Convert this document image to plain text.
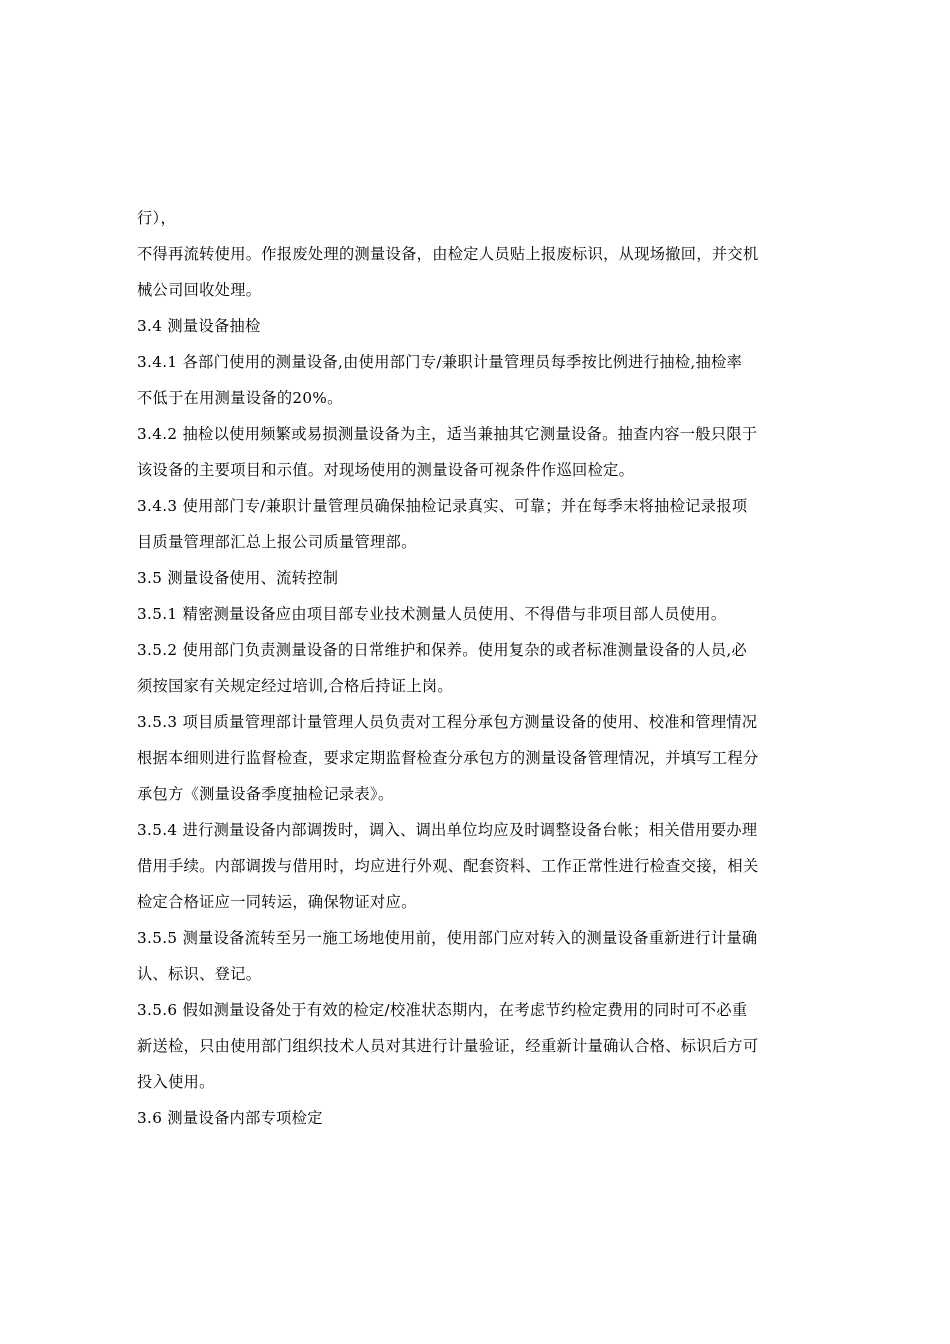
行），
不得再流转使用。作报废处理的测量设备，由检定人员贴上报废标识，从现场撤回，并交机
械公司回收处理。

3.4 测量设备抽检

3.4.1 各部门使用的测量设备,由使用部门专/兼职计量管理员每季按比例进行抽检,抽检率
不低于在用测量设备的20%。

3.4.2 抽检以使用频繁或易损测量设备为主，适当兼抽其它测量设备。抽查内容一般只限于
该设备的主要项目和示值。对现场使用的测量设备可视条件作巡回检定。

3.4.3 使用部门专/兼职计量管理员确保抽检记录真实、可靠；并在每季末将抽检记录报项
目质量管理部汇总上报公司质量管理部。

3.5 测量设备使用、流转控制

3.5.1 精密测量设备应由项目部专业技术测量人员使用、不得借与非项目部人员使用。

3.5.2 使用部门负责测量设备的日常维护和保养。使用复杂的或者标准测量设备的人员,必
须按国家有关规定经过培训,合格后持证上岗。

3.5.3 项目质量管理部计量管理人员负责对工程分承包方测量设备的使用、校准和管理情况
根据本细则进行监督检查，要求定期监督检查分承包方的测量设备管理情况，并填写工程分
承包方《测量设备季度抽检记录表》。

3.5.4 进行测量设备内部调拨时，调入、调出单位均应及时调整设备台帐；相关借用要办理
借用手续。内部调拨与借用时，均应进行外观、配套资料、工作正常性进行检查交接，相关
检定合格证应一同转运，确保物证对应。

3.5.5 测量设备流转至另一施工场地使用前，使用部门应对转入的测量设备重新进行计量确
认、标识、登记。

3.5.6 假如测量设备处于有效的检定/校准状态期内，在考虑节约检定费用的同时可不必重
新送检，只由使用部门组织技术人员对其进行计量验证，经重新计量确认合格、标识后方可
投入使用。

3.6 测量设备内部专项检定
